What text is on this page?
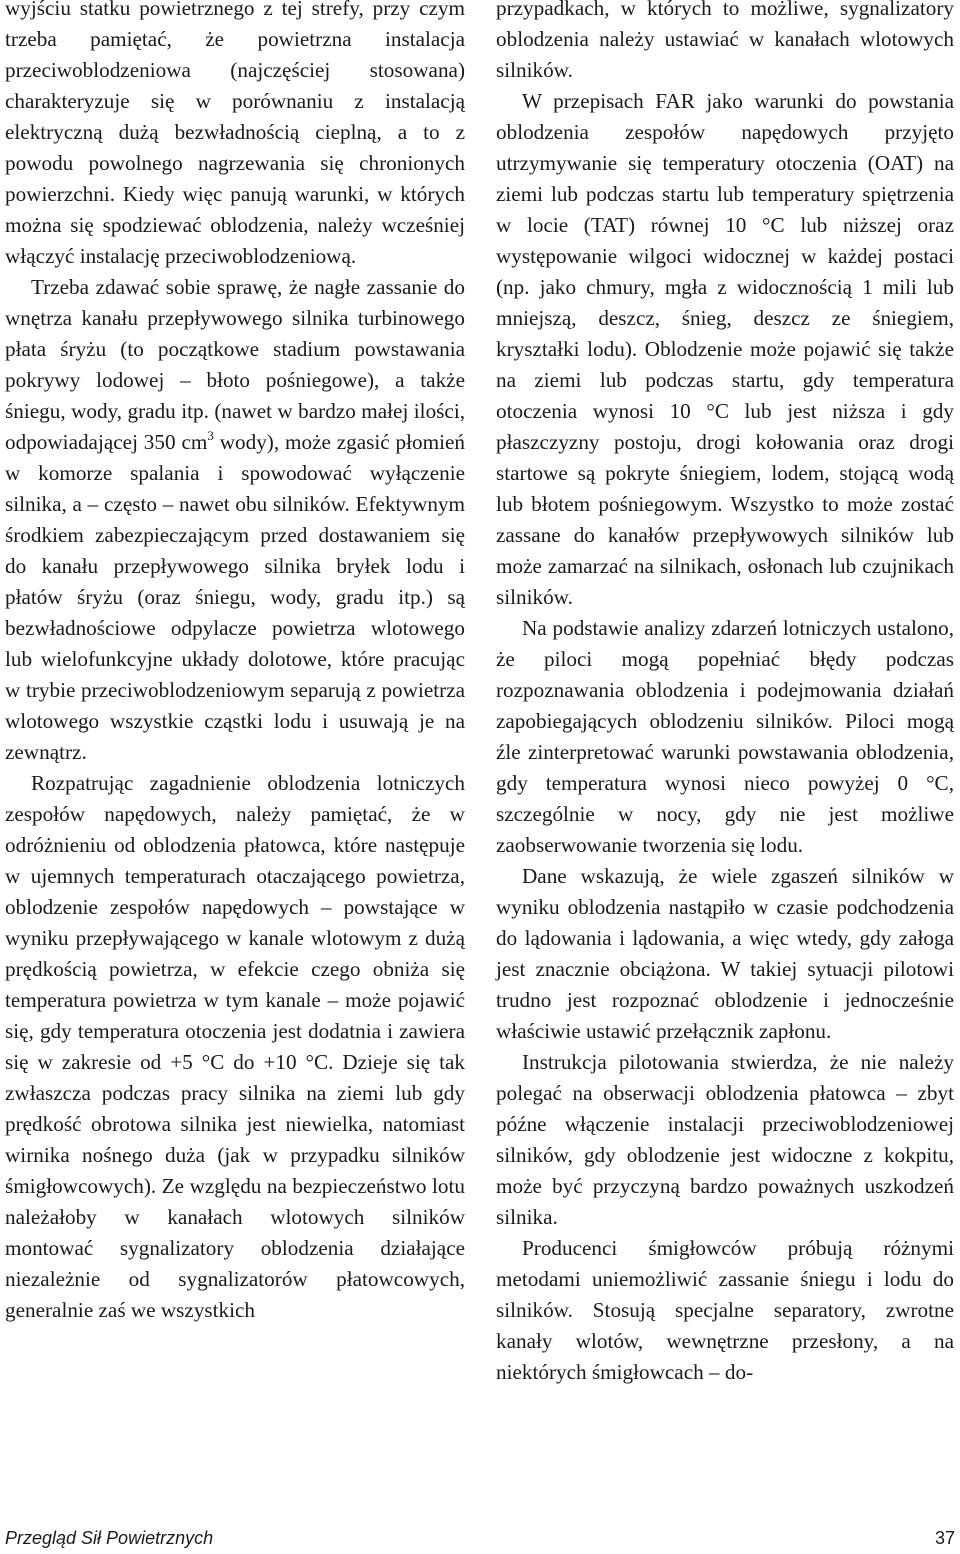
wyjściu statku powietrznego z tej strefy, przy czym trzeba pamiętać, że powietrzna instalacja przeciwoblodzeniowa (najczęściej stosowana) charakteryzuje się w porównaniu z instalacją elektryczną dużą bezwładnością cieplną, a to z powodu powolnego nagrzewania się chronionych powierzchni. Kiedy więc panują warunki, w których można się spodziewać oblodzenia, należy wcześniej włączyć instalację przeciwoblodzeniową.

Trzeba zdawać sobie sprawę, że nagłe zassanie do wnętrza kanału przepływowego silnika turbinowego płata śryżu (to początkowe stadium powstawania pokrywy lodowej – błoto pośniegowe), a także śniegu, wody, gradu itp. (nawet w bardzo małej ilości, odpowiadającej 350 $cm^3$ wody), może zgasić płomień w komorze spalania i spowodować wyłączenie silnika, a – często – nawet obu silników. Efektywnym środkiem zabezpieczającym przed dostawaniem się do kanału przepływowego silnika bryłek lodu i płatów śryżu (oraz śniegu, wody, gradu itp.) są bezwładnościowe odpylacze powietrza wlotowego lub wielofunkcyjne układy dolotowe, które pracując w trybie przeciwoblodzeniowym separują z powietrza wlotowego wszystkie cząstki lodu i usuwają je na zewnątrz.

Rozpatrując zagadnienie oblodzenia lotniczych zespołów napędowych, należy pamiętać, że w odróżnieniu od oblodzenia płatowca, które następuje w ujemnych temperaturach otaczającego powietrza, oblodzenie zespołów napędowych – powstające w wyniku przepływającego w kanale wlotowym z dużą prędkością powietrza, w efekcie czego obniża się temperatura powietrza w tym kanale – może pojawić się, gdy temperatura otoczenia jest dodatnia i zawiera się w zakresie od +5 °C do +10 °C. Dzieje się tak zwłaszcza podczas pracy silnika na ziemi lub gdy prędkość obrotowa silnika jest niewielka, natomiast wirnika nośnego duża (jak w przypadku silników śmigłowcowych). Ze względu na bezpieczeństwo lotu należałoby w kanałach wlotowych silników montować sygnalizatory oblodzenia działające niezależnie od sygnalizatorów płatowcowych, generalnie zaś we wszystkich

przypadkach, w których to możliwe, sygnalizatory oblodzenia należy ustawiać w kanałach wlotowych silników.

W przepisach FAR jako warunki do powstania oblodzenia zespołów napędowych przyjęto utrzymywanie się temperatury otoczenia (OAT) na ziemi lub podczas startu lub temperatury spiętrzenia w locie (TAT) równej 10 °C lub niższej oraz występowanie wilgoci widocznej w każdej postaci (np. jako chmury, mgła z widocznością 1 mili lub mniejszą, deszcz, śnieg, deszcz ze śniegiem, kryształki lodu). Oblodzenie może pojawić się także na ziemi lub podczas startu, gdy temperatura otoczenia wynosi 10 °C lub jest niższa i gdy płaszczyzny postoju, drogi kołowania oraz drogi startowe są pokryte śniegiem, lodem, stojącą wodą lub błotem pośniegowym. Wszystko to może zostać zassane do kanałów przepływowych silników lub może zamarzać na silnikach, osłonach lub czujnikach silników.

Na podstawie analizy zdarzeń lotniczych ustalono, że piloci mogą popełniać błędy podczas rozpoznawania oblodzenia i podejmowania działań zapobiegających oblodzeniu silników. Piloci mogą źle zinterpretować warunki powstawania oblodzenia, gdy temperatura wynosi nieco powyżej 0 °C, szczególnie w nocy, gdy nie jest możliwe zaobserwowanie tworzenia się lodu.

Dane wskazują, że wiele zgaszeń silników w wyniku oblodzenia nastąpiło w czasie podchodzenia do lądowania i lądowania, a więc wtedy, gdy załoga jest znacznie obciążona. W takiej sytuacji pilotowi trudno jest rozpoznać oblodzenie i jednocześnie właściwie ustawić przełącznik zapłonu.

Instrukcja pilotowania stwierdza, że nie należy polegać na obserwacji oblodzenia płatowca – zbyt późne włączenie instalacji przeciwoblodzeniowej silników, gdy oblodzenie jest widoczne z kokpitu, może być przyczyną bardzo poważnych uszkodzeń silnika.

Producenci śmigłowców próbują różnymi metodami uniemożliwić zassanie śniegu i lodu do silników. Stosują specjalne separatory, zwrotne kanały wlotów, wewnętrzne przesłony, a na niektórych śmigłowcach – do-

Przegląd Sił Powietrznych	37
